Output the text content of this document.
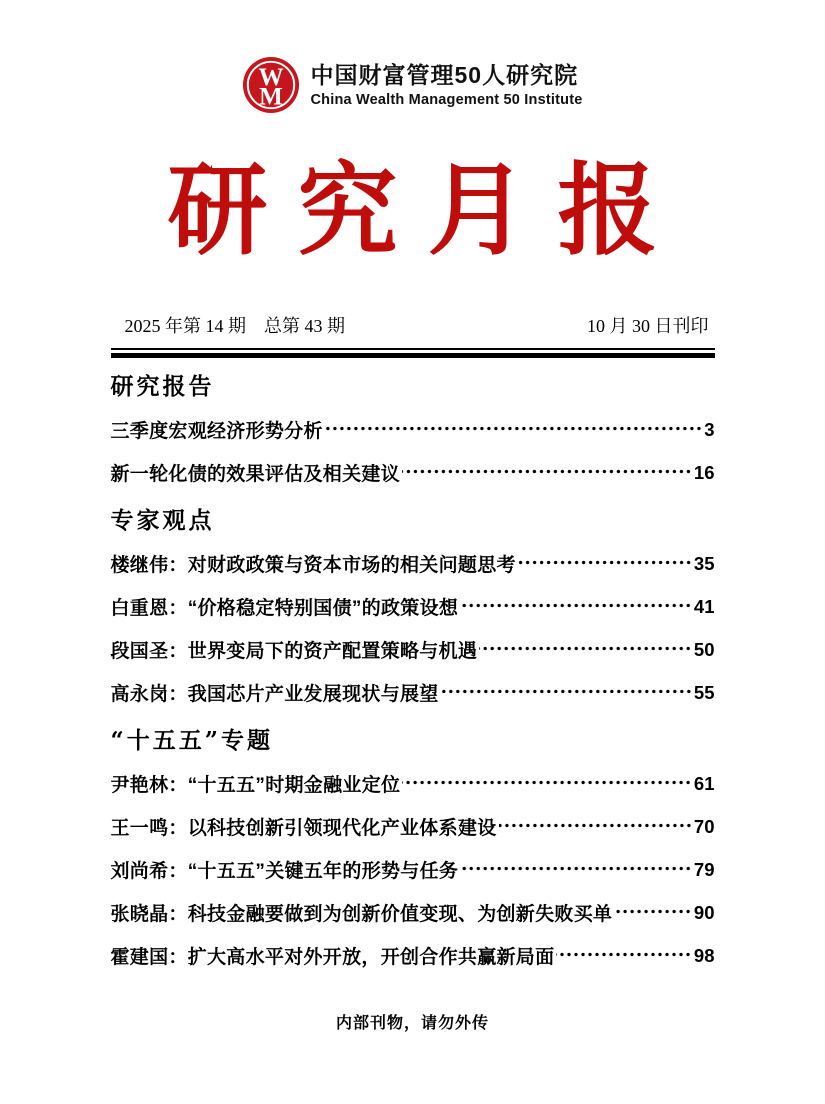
W
M
中国财富管理50人研究院
China Wealth Management 50 Institute
研究月报
2025 年第 14 期　总第 43 期	10 月 30 日刊印
研究报告
三季度宏观经济形势分析	3
新一轮化债的效果评估及相关建议	16
专家观点
楼继伟：对财政政策与资本市场的相关问题思考	35
白重恩：“价格稳定特别国债”的政策设想	41
段国圣：世界变局下的资产配置策略与机遇	50
高永岗：我国芯片产业发展现状与展望	55
“十五五”专题
尹艳林：“十五五”时期金融业定位	61
王一鸣：以科技创新引领现代化产业体系建设	70
刘尚希：“十五五”关键五年的形势与任务	79
张晓晶：科技金融要做到为创新价值变现、为创新失败买单	90
霍建国：扩大高水平对外开放，开创合作共赢新局面	98
内部刊物，请勿外传
